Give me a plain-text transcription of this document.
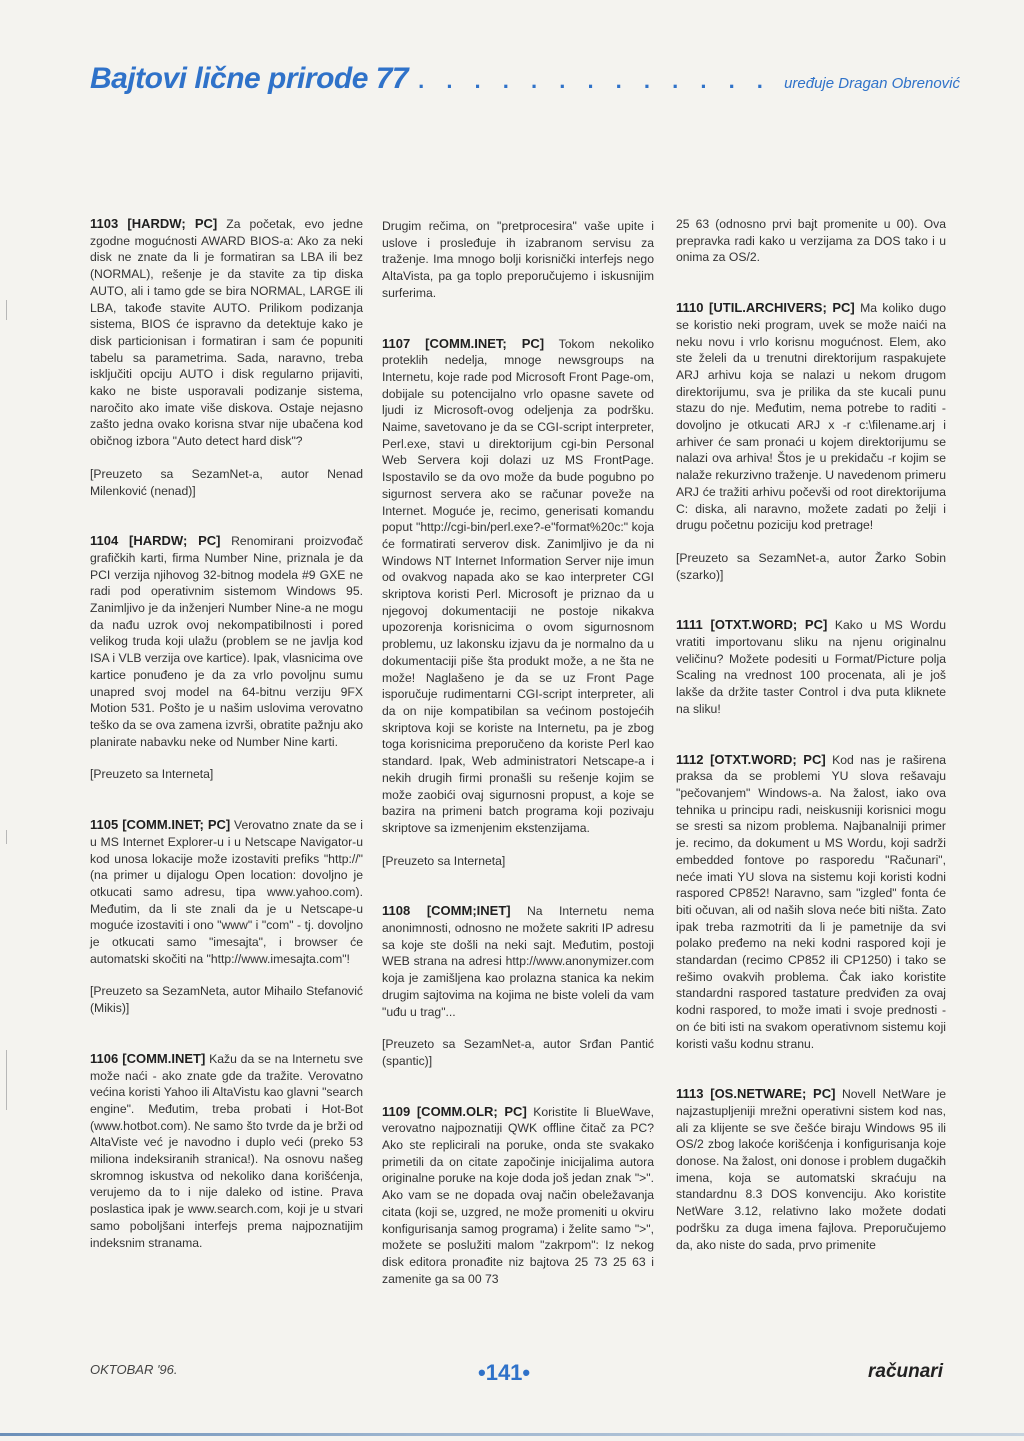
Bajtovi lične prirode 77
. . .	uređuje Dragan Obrenović

1103 [HARDW; PC] Za početak, evo jedne zgodne mogućnosti AWARD BIOS-a: Ako za neki disk ne znate da li je formatiran sa LBA ili bez (NORMAL), rešenje je da stavite za tip diska AUTO, ali i tamo gde se bira NORMAL, LARGE ili LBA, takođe stavite AUTO. Prilikom podizanja sistema, BIOS će ispravno da detektuje kako je disk particionisan i formatiran i sam će popuniti tabelu sa parametrima. Sada, naravno, treba isključiti opciju AUTO i disk regularno prijaviti, kako ne biste usporavali podizanje sistema, naročito ako imate više diskova. Ostaje nejasno zašto jedna ovako korisna stvar nije ubačena kod običnog izbora "Auto detect hard disk"?

[Preuzeto sa SezamNet-a, autor Nenad Milenković (nenad)]

1104 [HARDW; PC] Renomirani proizvođač grafičkih karti, firma Number Nine, priznala je da PCI verzija njihovog 32-bitnog modela #9 GXE ne radi pod operativnim sistemom Windows 95. Zanimljivo je da inženjeri Number Nine-a ne mogu da nađu uzrok ovoj nekompatibilnosti i pored velikog truda koji ulažu (problem se ne javlja kod ISA i VLB verzija ove kartice). Ipak, vlasnicima ove kartice ponuđeno je da za vrlo povoljnu sumu unapred svoj model na 64-bitnu verziju 9FX Motion 531. Pošto je u našim uslovima verovatno teško da se ova zamena izvrši, obratite pažnju ako planirate nabavku neke od Number Nine karti.

[Preuzeto sa Interneta]

1105 [COMM.INET; PC] Verovatno znate da se i u MS Internet Explorer-u i u Netscape Navigator-u kod unosa lokacije može izostaviti prefiks "http://" (na primer u dijalogu Open location: dovoljno je otkucati samo adresu, tipa www.yahoo.com). Međutim, da li ste znali da je u Netscape-u moguće izostaviti i ono "www" i "com" - tj. dovoljno je otkucati samo "imesajta", i browser će automatski skočiti na "http://www.imesajta.com"!

[Preuzeto sa SezamNeta, autor Mihailo Stefanović (Mikis)]

1106 [COMM.INET] Kažu da se na Internetu sve može naći - ako znate gde da tražite. Verovatno većina koristi Yahoo ili AltaVistu kao glavni "search engine". Međutim, treba probati i Hot-Bot (www.hotbot.com). Ne samo što tvrde da je brži od AltaViste već je navodno i duplo veći (preko 53 miliona indeksiranih stranica!). Na osnovu našeg skromnog iskustva od nekoliko dana korišćenja, verujemo da to i nije daleko od istine. Prava poslastica ipak je www.search.com, koji je u stvari samo poboljšani interfejs prema najpoznatijim indeksnim stranama.

Drugim rečima, on "pretprocesira" vaše upite i uslove i prosleđuje ih izabranom servisu za traženje. Ima mnogo bolji korisnički interfejs nego AltaVista, pa ga toplo preporučujemo i iskusnijim surferima.

1107 [COMM.INET; PC] Tokom nekoliko proteklih nedelja, mnoge newsgroups na Internetu, koje rade pod Microsoft Front Page-om, dobijale su potencijalno vrlo opasne savete od ljudi iz Microsoft-ovog odeljenja za podršku. Naime, savetovano je da se CGI-script interpreter, Perl.exe, stavi u direktorijum cgi-bin Personal Web Servera koji dolazi uz MS FrontPage. Ispostavilo se da ovo može da bude pogubno po sigurnost servera ako se računar poveže na Internet. Moguće je, recimo, generisati komandu poput "http://cgi-bin/perl.exe?-e"format%20c:" koja će formatirati serverov disk. Zanimljivo je da ni Windows NT Internet Information Server nije imun od ovakvog napada ako se kao interpreter CGI skriptova koristi Perl. Microsoft je priznao da u njegovoj dokumentaciji ne postoje nikakva upozorenja korisnicima o ovom sigurnosnom problemu, uz lakonsku izjavu da je normalno da u dokumentaciji piše šta produkt može, a ne šta ne može! Naglašeno je da se uz Front Page isporučuje rudimentarni CGI-script interpreter, ali da on nije kompatibilan sa većinom postojećih skriptova koji se koriste na Internetu, pa je zbog toga korisnicima preporučeno da koriste Perl kao standard. Ipak, Web administratori Netscape-a i nekih drugih firmi pronašli su rešenje kojim se može zaobići ovaj sigurnosni propust, a koje se bazira na primeni batch programa koji pozivaju skriptove sa izmenjenim ekstenzijama.

[Preuzeto sa Interneta]

1108 [COMM;INET] Na Internetu nema anonimnosti, odnosno ne možete sakriti IP adresu sa koje ste došli na neki sajt. Međutim, postoji WEB strana na adresi http://www.anonymizer.com koja je zamišljena kao prolazna stanica ka nekim drugim sajtovima na kojima ne biste voleli da vam "uđu u trag"...

[Preuzeto sa SezamNet-a, autor Srđan Pantić (spantic)]

1109 [COMM.OLR; PC] Koristite li BlueWave, verovatno najpoznatiji QWK offline čitač za PC? Ako ste replicirali na poruke, onda ste svakako primetili da on citate započinje inicijalima autora originalne poruke na koje doda još jedan znak ">". Ako vam se ne dopada ovaj način obeležavanja citata (koji se, uzgred, ne može promeniti u okviru konfigurisanja samog programa) i želite samo ">", možete se poslužiti malom "zakrpom": Iz nekog disk editora pronađite niz bajtova 25 73 25 63 i zamenite ga sa 00 73

25 63 (odnosno prvi bajt promenite u 00). Ova prepravka radi kako u verzijama za DOS tako i u onima za OS/2.

1110 [UTIL.ARCHIVERS; PC] Ma koliko dugo se koristio neki program, uvek se može naići na neku novu i vrlo korisnu mogućnost. Elem, ako ste želeli da u trenutni direktorijum raspakujete ARJ arhivu koja se nalazi u nekom drugom direktorijumu, sva je prilika da ste kucali punu stazu do nje. Međutim, nema potrebe to raditi - dovoljno je otkucati ARJ x -r c:\filename.arj i arhiver će sam pronaći u kojem direktorijumu se nalazi ova arhiva! Štos je u prekidaču -r kojim se nalaže rekurzivno traženje. U navedenom primeru ARJ će tražiti arhivu počevši od root direktorijuma C: diska, ali naravno, možete zadati po želji i drugu početnu poziciju kod pretrage!

[Preuzeto sa SezamNet-a, autor Žarko Sobin (szarko)]

1111 [OTXT.WORD; PC] Kako u MS Wordu vratiti importovanu sliku na njenu originalnu veličinu? Možete podesiti u Format/Picture polja Scaling na vrednost 100 procenata, ali je još lakše da držite taster Control i dva puta kliknete na sliku!

1112 [OTXT.WORD; PC] Kod nas je raširena praksa da se problemi YU slova rešavaju "pečovanjem" Windows-a. Na žalost, iako ova tehnika u principu radi, neiskusniji korisnici mogu se sresti sa nizom problema. Najbanalniji primer je. recimo, da dokument u MS Wordu, koji sadrži embedded fontove po rasporedu "Računari", neće imati YU slova na sistemu koji koristi kodni raspored CP852! Naravno, sam "izgled" fonta će biti očuvan, ali od naših slova neće biti ništa. Zato ipak treba razmotriti da li je pametnije da svi polako pređemo na neki kodni raspored koji je standardan (recimo CP852 ili CP1250) i tako se rešimo ovakvih problema. Čak iako koristite standardni raspored tastature predviđen za ovaj kodni raspored, to može imati i svoje prednosti - on će biti isti na svakom operativnom sistemu koji koristi vašu kodnu stranu.

1113 [OS.NETWARE; PC] Novell NetWare je najzastupljeniji mrežni operativni sistem kod nas, ali za klijente se sve češće biraju Windows 95 ili OS/2 zbog lakoće korišćenja i konfigurisanja koje donose. Na žalost, oni donose i problem dugačkih imena, koja se automatski skraćuju na standardnu 8.3 DOS konvenciju. Ako koristite NetWare 3.12, relativno lako možete dodati podršku za duga imena fajlova. Preporučujemo da, ako niste do sada, prvo primenite

OKTOBAR '96.	•141•	računari
